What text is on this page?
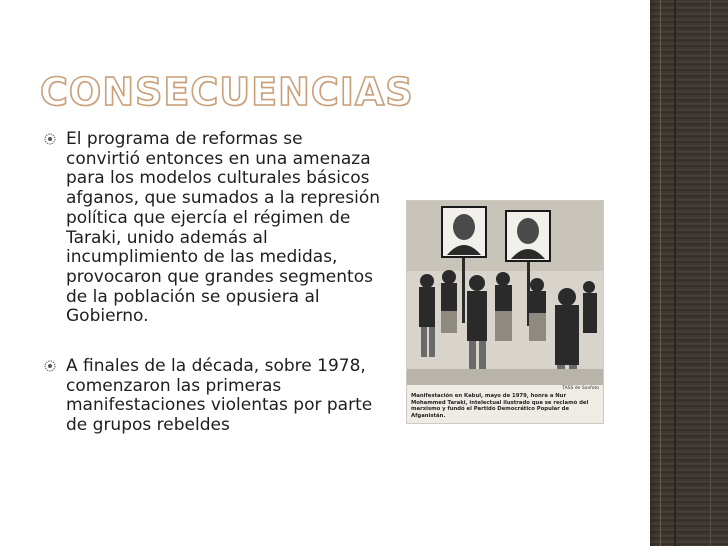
CONSECUENCIAS
El programa de reformas se convirtió entonces en una amenaza para los modelos culturales básicos afganos, que sumados a la represión política que ejercía el régimen de Taraki, unido además al incumplimiento de las medidas, provocaron que grandes segmentos de la población se opusiera al Gobierno.
A finales de la década, sobre 1978, comenzaron las primeras manifestaciones violentas por parte de grupos rebeldes
TASS de Sovfoto
Manifestación en Kabul, mayo de 1979, honra a Nur Mohammed Taraki, intelectual ilustrado que se reclamó del marxismo y fundó el Partido Democrático Popular de Afganistán.
